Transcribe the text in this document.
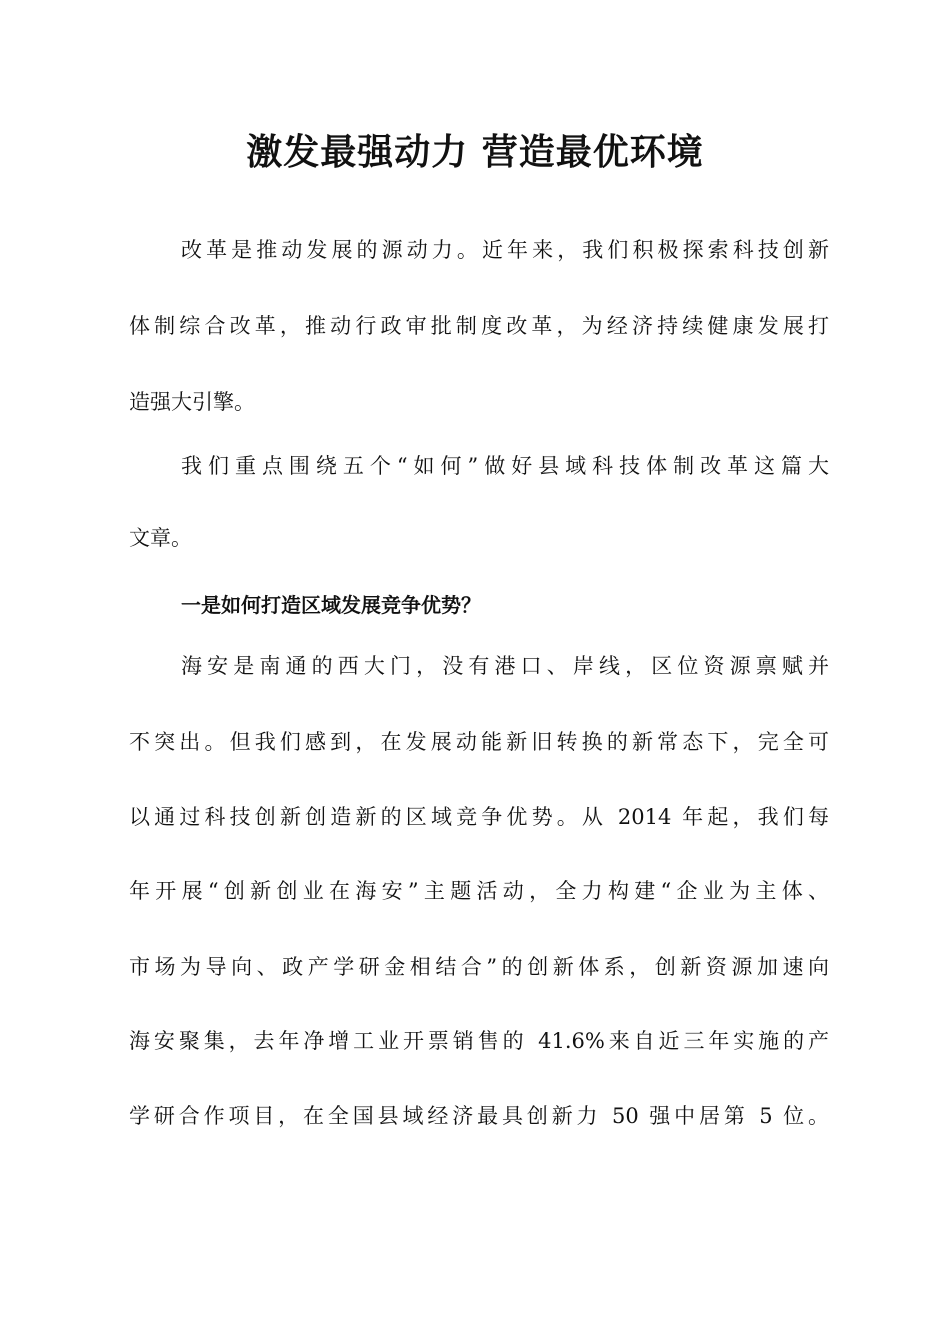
激发最强动力 营造最优环境
改革是推动发展的源动力。近年来，我们积极探索科技创新
体制综合改革，推动行政审批制度改革，为经济持续健康发展打
造强大引擎。
我们重点围绕五个“如何”做好县域科技体制改革这篇大
文章。
一是如何打造区域发展竞争优势？
海安是南通的西大门，没有港口、岸线，区位资源禀赋并
不突出。但我们感到，在发展动能新旧转换的新常态下，完全可
以通过科技创新创造新的区域竞争优势。从 2014 年起，我们每
年开展“创新创业在海安”主题活动，全力构建“企业为主体、
市场为导向、政产学研金相结合”的创新体系，创新资源加速向
海安聚集，去年净增工业开票销售的 41.6%来自近三年实施的产
学研合作项目，在全国县域经济最具创新力 50 强中居第 5 位。
